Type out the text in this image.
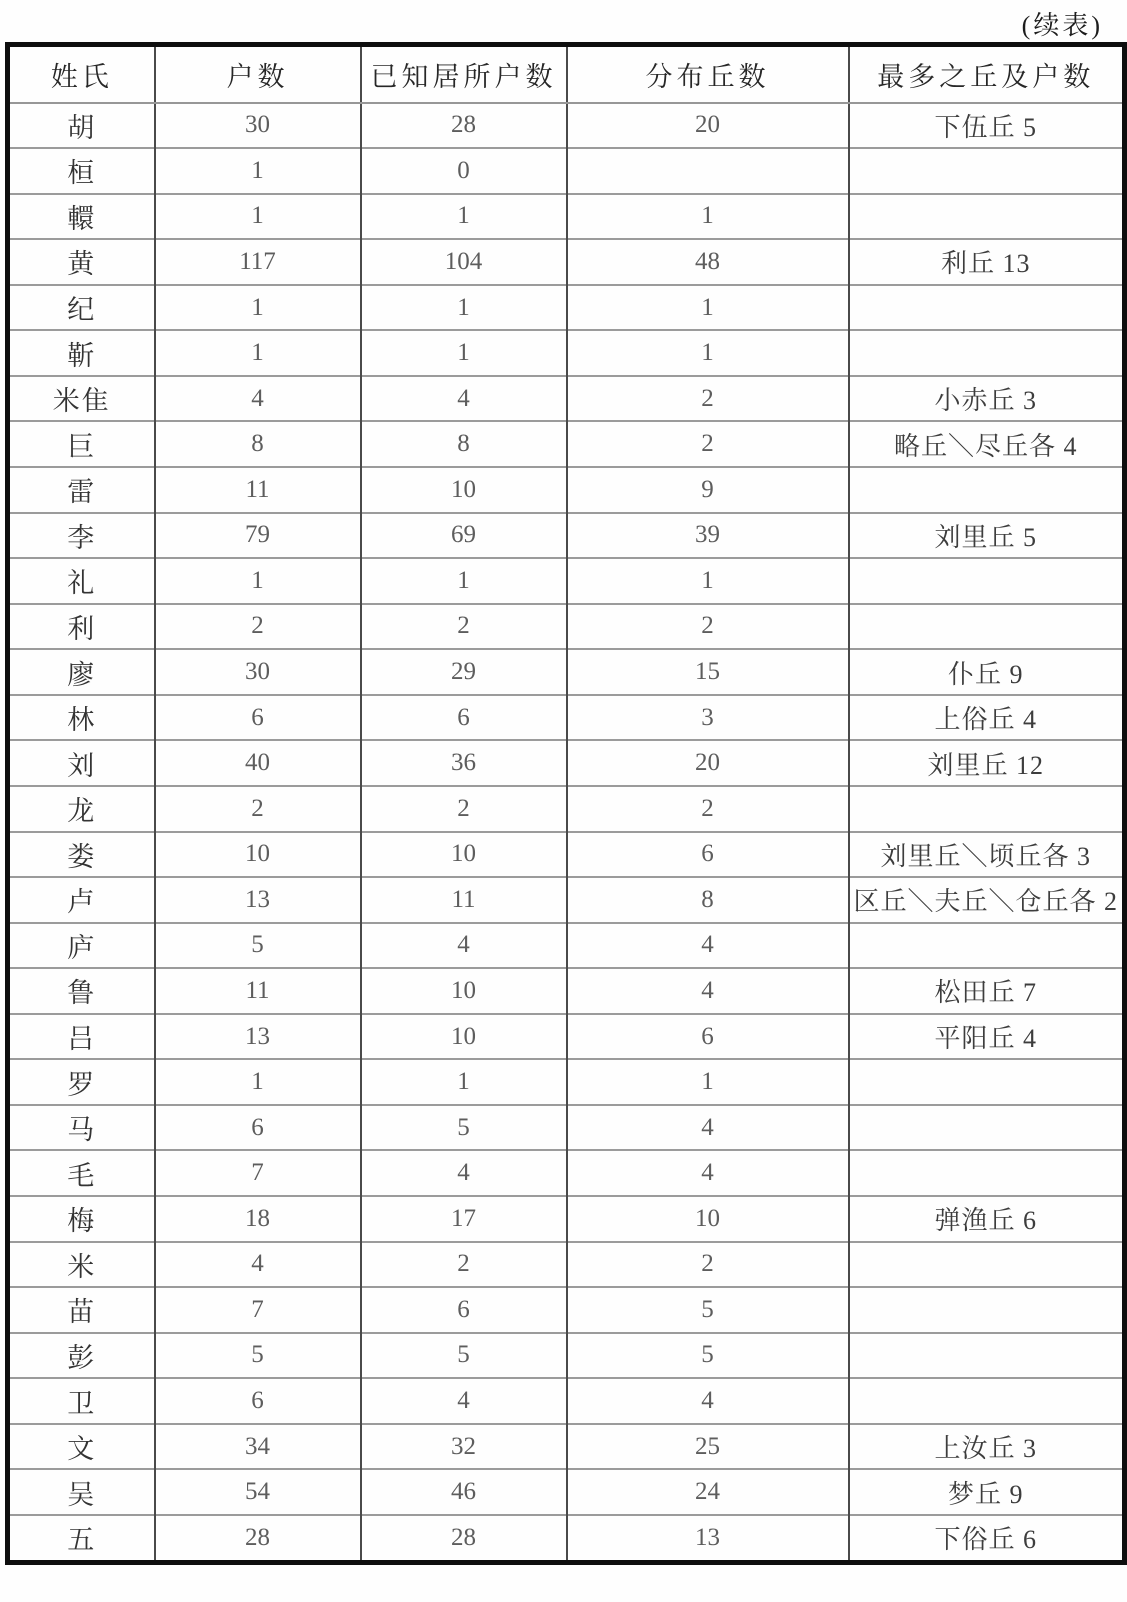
(续表)
姓氏	户数	已知居所户数	分布丘数	最多之丘及户数
胡	30	28	20	下伍丘 5
桓	1	0		
轘	1	1	1	
黄	117	104	48	利丘 13
纪	1	1	1	
靳	1	1	1	
米隹	4	4	2	小赤丘 3
巨	8	8	2	略丘＼尽丘各 4
雷	11	10	9	
李	79	69	39	刘里丘 5
礼	1	1	1	
利	2	2	2	
廖	30	29	15	仆丘 9
林	6	6	3	上俗丘 4
刘	40	36	20	刘里丘 12
龙	2	2	2	
娄	10	10	6	刘里丘＼顷丘各 3
卢	13	11	8	区丘＼夫丘＼仓丘各 2
庐	5	4	4	
鲁	11	10	4	松田丘 7
吕	13	10	6	平阳丘 4
罗	1	1	1	
马	6	5	4	
毛	7	4	4	
梅	18	17	10	弹渔丘 6
米	4	2	2	
苗	7	6	5	
彭	5	5	5	
卫	6	4	4	
文	34	32	25	上汝丘 3
吴	54	46	24	梦丘 9
五	28	28	13	下俗丘 6
